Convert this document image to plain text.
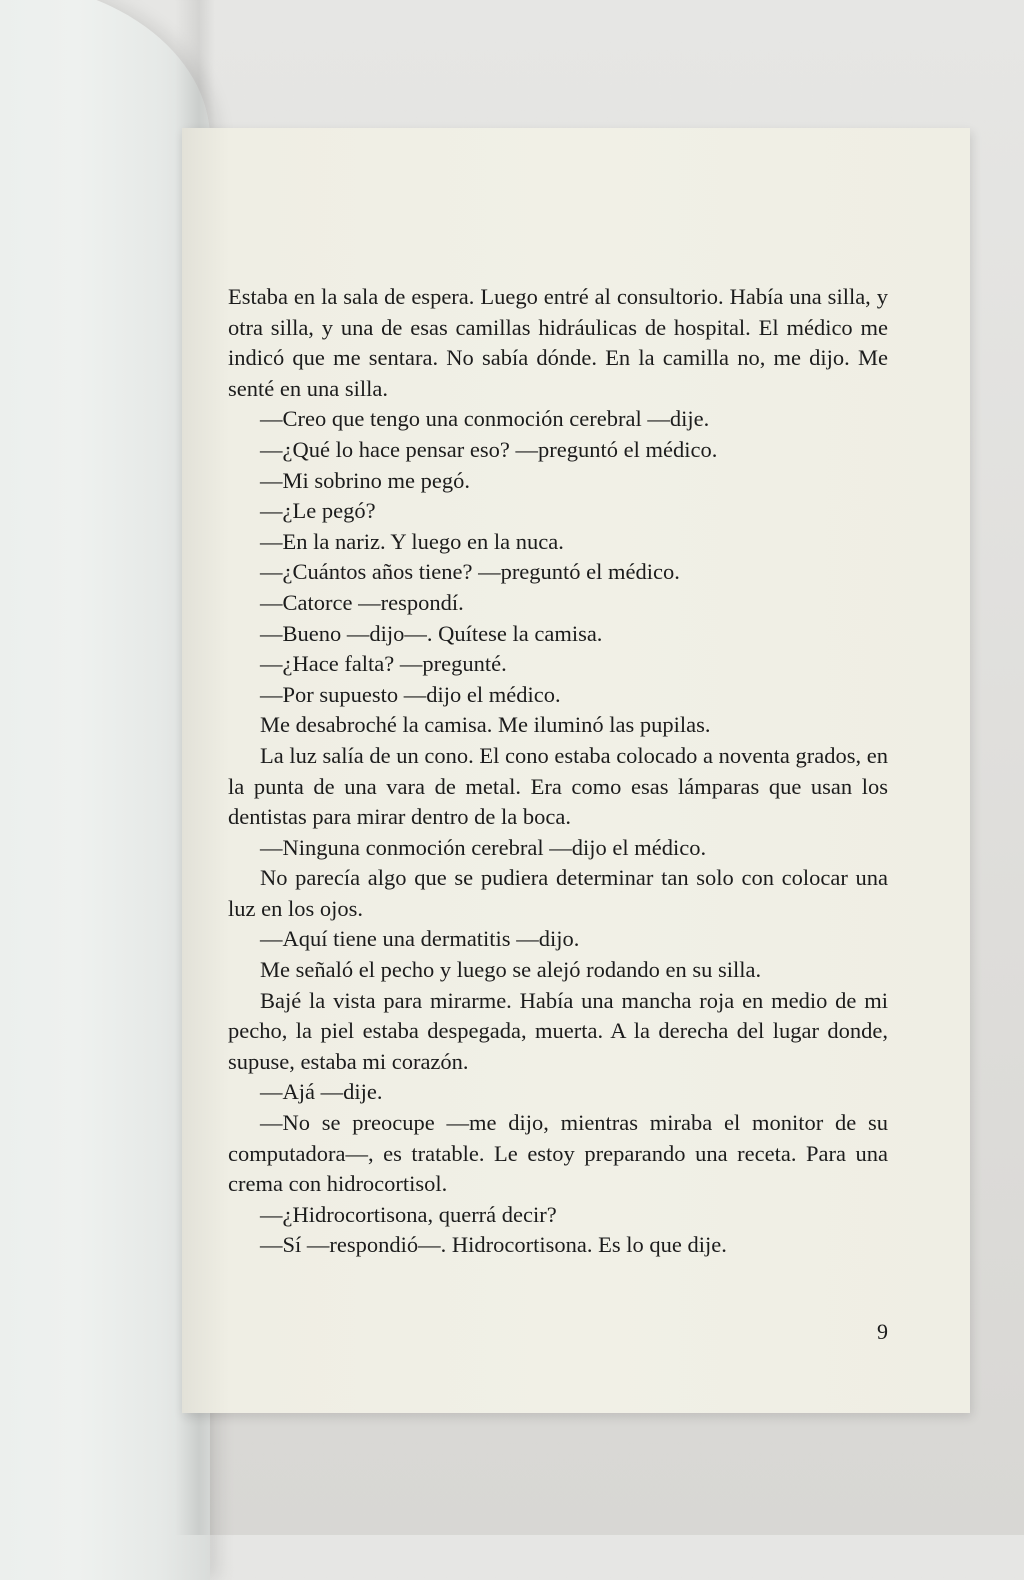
Estaba en la sala de espera. Luego entré al consultorio. Había una silla, y otra silla, y una de esas camillas hidráulicas de hospital. El médico me indicó que me sentara. No sabía dónde. En la camilla no, me dijo. Me senté en una silla.

—Creo que tengo una conmoción cerebral —dije.

—¿Qué lo hace pensar eso? —preguntó el médico.

—Mi sobrino me pegó.

—¿Le pegó?

—En la nariz. Y luego en la nuca.

—¿Cuántos años tiene? —preguntó el médico.

—Catorce —respondí.

—Bueno —dijo—. Quítese la camisa.

—¿Hace falta? —pregunté.

—Por supuesto —dijo el médico.

Me desabroché la camisa. Me iluminó las pupilas.

La luz salía de un cono. El cono estaba colocado a noventa grados, en la punta de una vara de metal. Era como esas lámparas que usan los dentistas para mirar dentro de la boca.

—Ninguna conmoción cerebral —dijo el médico.

No parecía algo que se pudiera determinar tan solo con colocar una luz en los ojos.

—Aquí tiene una dermatitis —dijo.

Me señaló el pecho y luego se alejó rodando en su silla.

Bajé la vista para mirarme. Había una mancha roja en medio de mi pecho, la piel estaba despegada, muerta. A la derecha del lugar donde, supuse, estaba mi corazón.

—Ajá —dije.

—No se preocupe —me dijo, mientras miraba el monitor de su computadora—, es tratable. Le estoy preparando una receta. Para una crema con hidrocortisol.

—¿Hidrocortisona, querrá decir?

—Sí —respondió—. Hidrocortisona. Es lo que dije.

9
